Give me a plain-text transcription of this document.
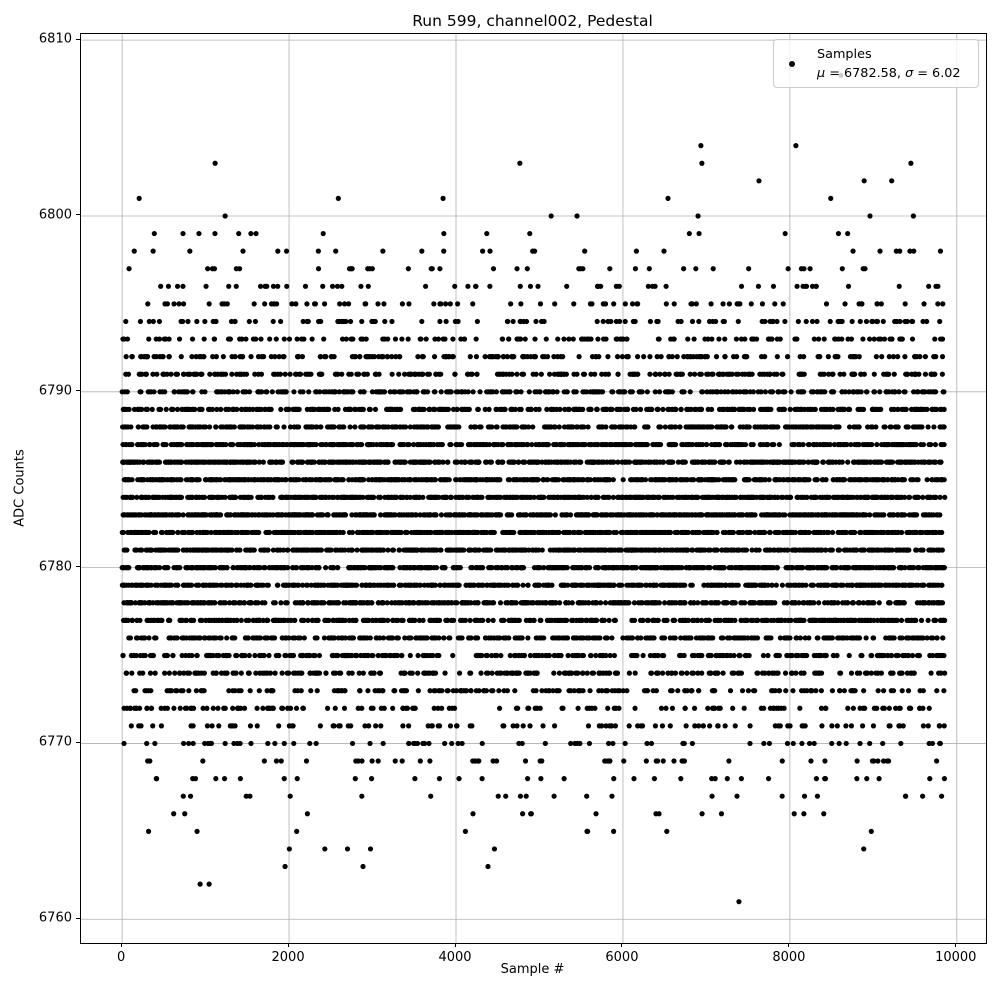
Run 599, channel002, Pedestal
ADC Counts
Samples
μ = 6782.58, σ = 6.02
Sample #
6760
6770
6780
6790
6800
6810
0	2000	4000	6000	8000	10000
